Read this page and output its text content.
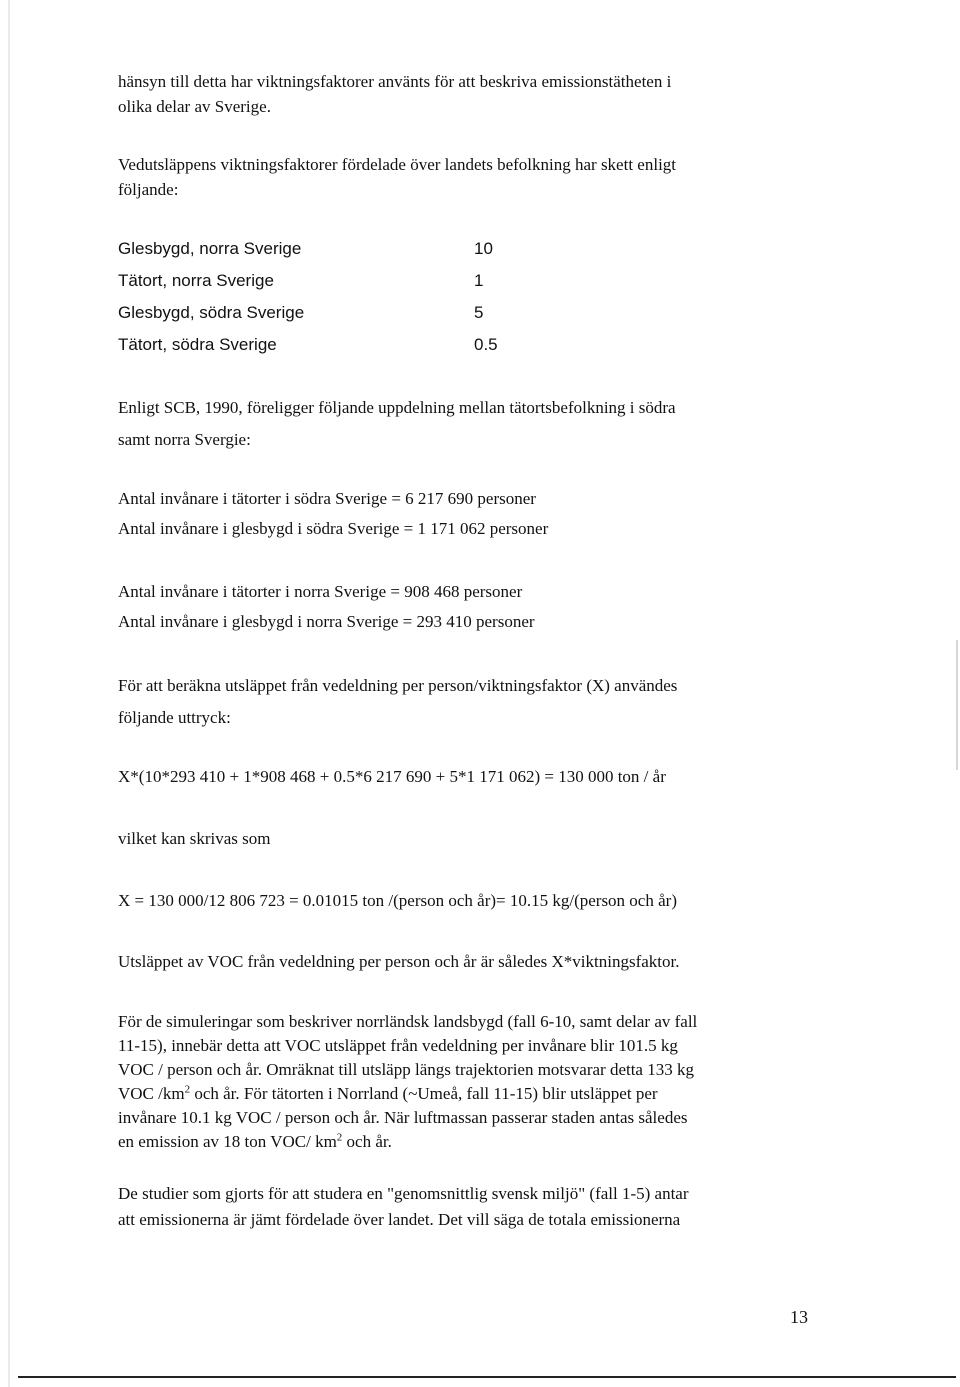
hänsyn till detta har viktningsfaktorer använts för att beskriva emissionstätheten i

olika delar av Sverige.

Vedutsläppens viktningsfaktorer fördelade över landets befolkning har skett enligt

följande:

Glesbygd, norra Sverige	10
Tätort, norra Sverige	1
Glesbygd, södra Sverige	5
Tätort, södra Sverige	0.5

Enligt SCB, 1990, föreligger följande uppdelning mellan tätortsbefolkning i södra

samt norra Svergie:

Antal invånare i tätorter i södra Sverige = 6 217 690 personer

Antal invånare i glesbygd i södra Sverige = 1 171 062 personer

Antal invånare i tätorter i norra Sverige = 908 468 personer

Antal invånare i glesbygd i norra Sverige = 293 410 personer

För att beräkna utsläppet från vedeldning per person/viktningsfaktor (X) användes

följande uttryck:

X*(10*293 410 + 1*908 468 + 0.5*6 217 690 + 5*1 171 062) = 130 000 ton / år

vilket kan skrivas som

X = 130 000/12 806 723 = 0.01015 ton /(person och år)= 10.15 kg/(person och år)

Utsläppet av VOC från vedeldning per person och år är således X*viktningsfaktor.

För de simuleringar som beskriver norrländsk landsbygd (fall 6-10, samt delar av fall

11-15), innebär detta att VOC utsläppet från vedeldning per invånare blir 101.5 kg

VOC / person och år. Omräknat till utsläpp längs trajektorien motsvarar detta 133 kg

VOC $/km^2$ och år. För tätorten i Norrland (~Umeå, fall 11-15) blir utsläppet per

invånare 10.1 kg VOC / person och år. När luftmassan passerar staden antas således

en emission av 18 ton VOC/ $km^2$ och år.

De studier som gjorts för att studera en "genomsnittlig svensk miljö" (fall 1-5) antar

att emissionerna är jämt fördelade över landet. Det vill säga de totala emissionerna

13
